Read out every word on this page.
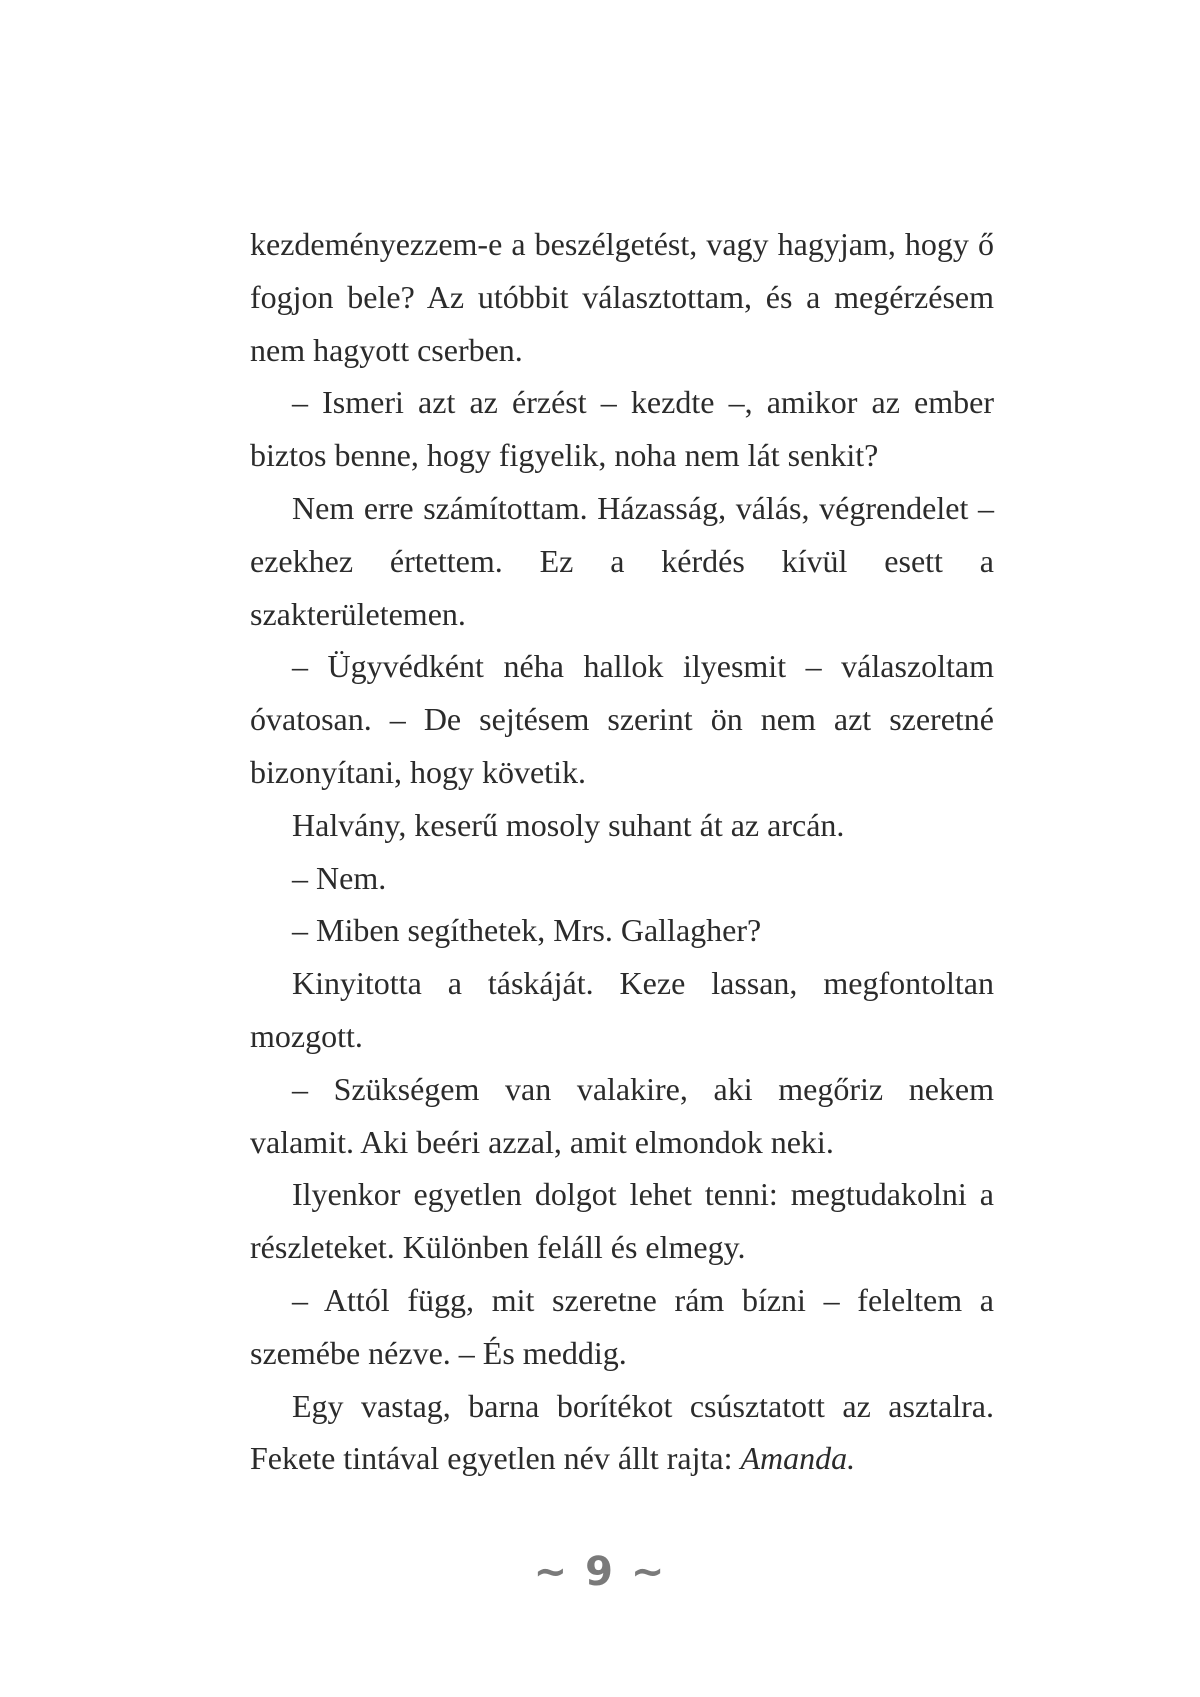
kezdeményezzem-e a beszélgetést, vagy hagyjam, hogy ő fogjon bele? Az utóbbit választottam, és a megérzésem nem hagyott cserben.

– Ismeri azt az érzést – kezdte –, amikor az ember biztos benne, hogy figyelik, noha nem lát senkit?

Nem erre számítottam. Házasság, válás, végrendelet – ezekhez értettem. Ez a kérdés kívül esett a szakterületemen.

– Ügyvédként néha hallok ilyesmit – válaszoltam óvatosan. – De sejtésem szerint ön nem azt szeretné bizonyítani, hogy követik.

Halvány, keserű mosoly suhant át az arcán.

– Nem.

– Miben segíthetek, Mrs. Gallagher?

Kinyitotta a táskáját. Keze lassan, megfontoltan mozgott.

– Szükségem van valakire, aki megőriz nekem valamit. Aki beéri azzal, amit elmondok neki.

Ilyenkor egyetlen dolgot lehet tenni: megtudakolni a részleteket. Különben feláll és elmegy.

– Attól függ, mit szeretne rám bízni – feleltem a szemébe nézve. – És meddig.

Egy vastag, barna borítékot csúsztatott az asztalra. Fekete tintával egyetlen név állt rajta: Amanda.

~ 9 ~
